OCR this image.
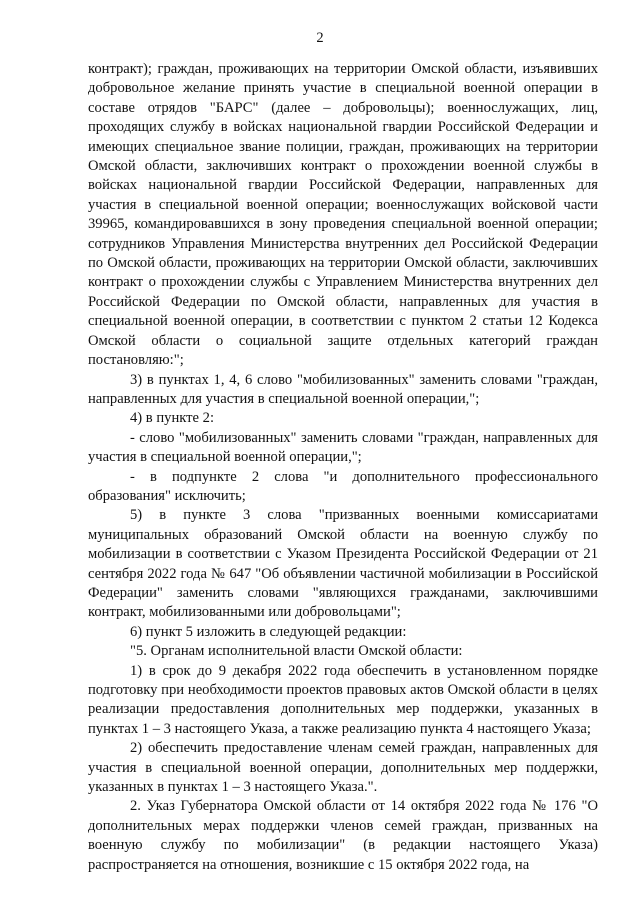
2

контракт); граждан, проживающих на территории Омской области, изъявивших добровольное желание принять участие в специальной военной операции в составе отрядов "БАРС" (далее – добровольцы); военнослужащих, лиц, проходящих службу в войсках национальной гвардии Российской Федерации и имеющих специальное звание полиции, граждан, проживающих на территории Омской области, заключивших контракт о прохождении военной службы в войсках национальной гвардии Российской Федерации, направленных для участия в специальной военной операции; военнослужащих войсковой части 39965, командировавшихся в зону проведения специальной военной операции; сотрудников Управления Министерства внутренних дел Российской Федерации по Омской области, проживающих на территории Омской области, заключивших контракт о прохождении службы с Управлением Министерства внутренних дел Российской Федерации по Омской области, направленных для участия в специальной военной операции, в соответствии с пунктом 2 статьи 12 Кодекса Омской области о социальной защите отдельных категорий граждан постановляю:";

3) в пунктах 1, 4, 6 слово "мобилизованных" заменить словами "граждан, направленных для участия в специальной военной операции,";

4) в пункте 2:

- слово "мобилизованных" заменить словами "граждан, направленных для участия в специальной военной операции,";

- в подпункте 2 слова "и дополнительного профессионального образования" исключить;

5) в пункте 3 слова "призванных военными комиссариатами муниципальных образований Омской области на военную службу по мобилизации в соответствии с Указом Президента Российской Федерации от 21 сентября 2022 года № 647 "Об объявлении частичной мобилизации в Российской Федерации" заменить словами "являющихся гражданами, заключившими контракт, мобилизованными или добровольцами";

6) пункт 5 изложить в следующей редакции:

"5. Органам исполнительной власти Омской области:

1) в срок до 9 декабря 2022 года обеспечить в установленном порядке подготовку при необходимости проектов правовых актов Омской области в целях реализации предоставления дополнительных мер поддержки, указанных в пунктах 1 – 3 настоящего Указа, а также реализацию пункта 4 настоящего Указа;

2) обеспечить предоставление членам семей граждан, направленных для участия в специальной военной операции, дополнительных мер поддержки, указанных в пунктах 1 – 3 настоящего Указа.".

2. Указ Губернатора Омской области от 14 октября 2022 года № 176 "О дополнительных мерах поддержки членов семей граждан, призванных на военную службу по мобилизации" (в редакции настоящего Указа) распространяется на отношения, возникшие с 15 октября 2022 года, на
